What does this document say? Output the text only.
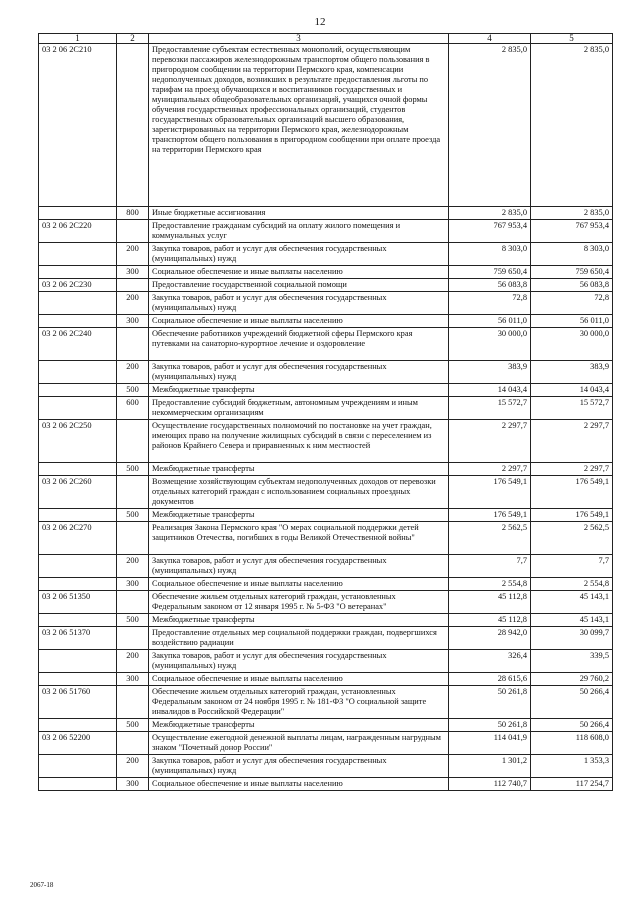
12
1	2	3	4	5
03 2 06 2С210		Предоставление субъектам естественных монополий, осуществляющим перевозки пассажиров железнодорожным транспортом общего пользования в пригородном сообщении на территории Пермского края, компенсации недополученных доходов, возникших в результате предоставления льготы по тарифам на проезд обучающихся и воспитанников государственных и муниципальных общеобразовательных организаций, учащихся очной формы обучения государственных профессиональных организаций, студентов государственных образовательных организаций высшего образования, зарегистрированных на территории Пермского края, железнодорожным транспортом общего пользования в пригородном сообщении при оплате проезда на территории Пермского края	2 835,0	2 835,0
	800	Иные бюджетные ассигнования	2 835,0	2 835,0
03 2 06 2С220		Предоставление гражданам субсидий на оплату жилого помещения и коммунальных услуг	767 953,4	767 953,4
	200	Закупка товаров, работ и услуг для обеспечения государственных (муниципальных) нужд	8 303,0	8 303,0
	300	Социальное обеспечение и иные выплаты населению	759 650,4	759 650,4
03 2 06 2С230		Предоставление государственной социальной помощи	56 083,8	56 083,8
	200	Закупка товаров, работ и услуг для обеспечения государственных (муниципальных) нужд	72,8	72,8
	300	Социальное обеспечение и иные выплаты населению	56 011,0	56 011,0
03 2 06 2С240		Обеспечение работников учреждений бюджетной сферы Пермского края путевками на санаторно-курортное лечение и оздоровление	30 000,0	30 000,0
	200	Закупка товаров, работ и услуг для обеспечения государственных (муниципальных) нужд	383,9	383,9
	500	Межбюджетные трансферты	14 043,4	14 043,4
	600	Предоставление субсидий бюджетным, автономным учреждениям и иным некоммерческим организациям	15 572,7	15 572,7
03 2 06 2С250		Осуществление государственных полномочий по постановке на учет граждан, имеющих право на получение жилищных субсидий в связи с переселением из районов Крайнего Севера и приравненных к ним местностей	2 297,7	2 297,7
	500	Межбюджетные трансферты	2 297,7	2 297,7
03 2 06 2С260		Возмещение хозяйствующим субъектам недополученных доходов от перевозки отдельных категорий граждан с использованием социальных проездных документов	176 549,1	176 549,1
	500	Межбюджетные трансферты	176 549,1	176 549,1
03 2 06 2С270		Реализация Закона Пермского края "О мерах социальной поддержки детей защитников Отечества, погибших в годы Великой Отечественной войны"	2 562,5	2 562,5
	200	Закупка товаров, работ и услуг для обеспечения государственных (муниципальных) нужд	7,7	7,7
	300	Социальное обеспечение и иные выплаты населению	2 554,8	2 554,8
03 2 06 51350		Обеспечение жильем отдельных категорий граждан, установленных Федеральным законом от 12 января 1995 г. № 5-ФЗ "О ветеранах"	45 112,8	45 143,1
	500	Межбюджетные трансферты	45 112,8	45 143,1
03 2 06 51370		Предоставление отдельных мер социальной поддержки граждан, подвергшихся воздействию радиации	28 942,0	30 099,7
	200	Закупка товаров, работ и услуг для обеспечения государственных (муниципальных) нужд	326,4	339,5
	300	Социальное обеспечение и иные выплаты населению	28 615,6	29 760,2
03 2 06 51760		Обеспечение жильем отдельных категорий граждан, установленных Федеральным законом от 24 ноября 1995 г. № 181-ФЗ "О социальной защите инвалидов в Российской Федерации"	50 261,8	50 266,4
	500	Межбюджетные трансферты	50 261,8	50 266,4
03 2 06 52200		Осуществление ежегодной денежной выплаты лицам, награжденным нагрудным знаком "Почетный донор России"	114 041,9	118 608,0
	200	Закупка товаров, работ и услуг для обеспечения государственных (муниципальных) нужд	1 301,2	1 353,3
	300	Социальное обеспечение и иные выплаты населению	112 740,7	117 254,7
2067-18
